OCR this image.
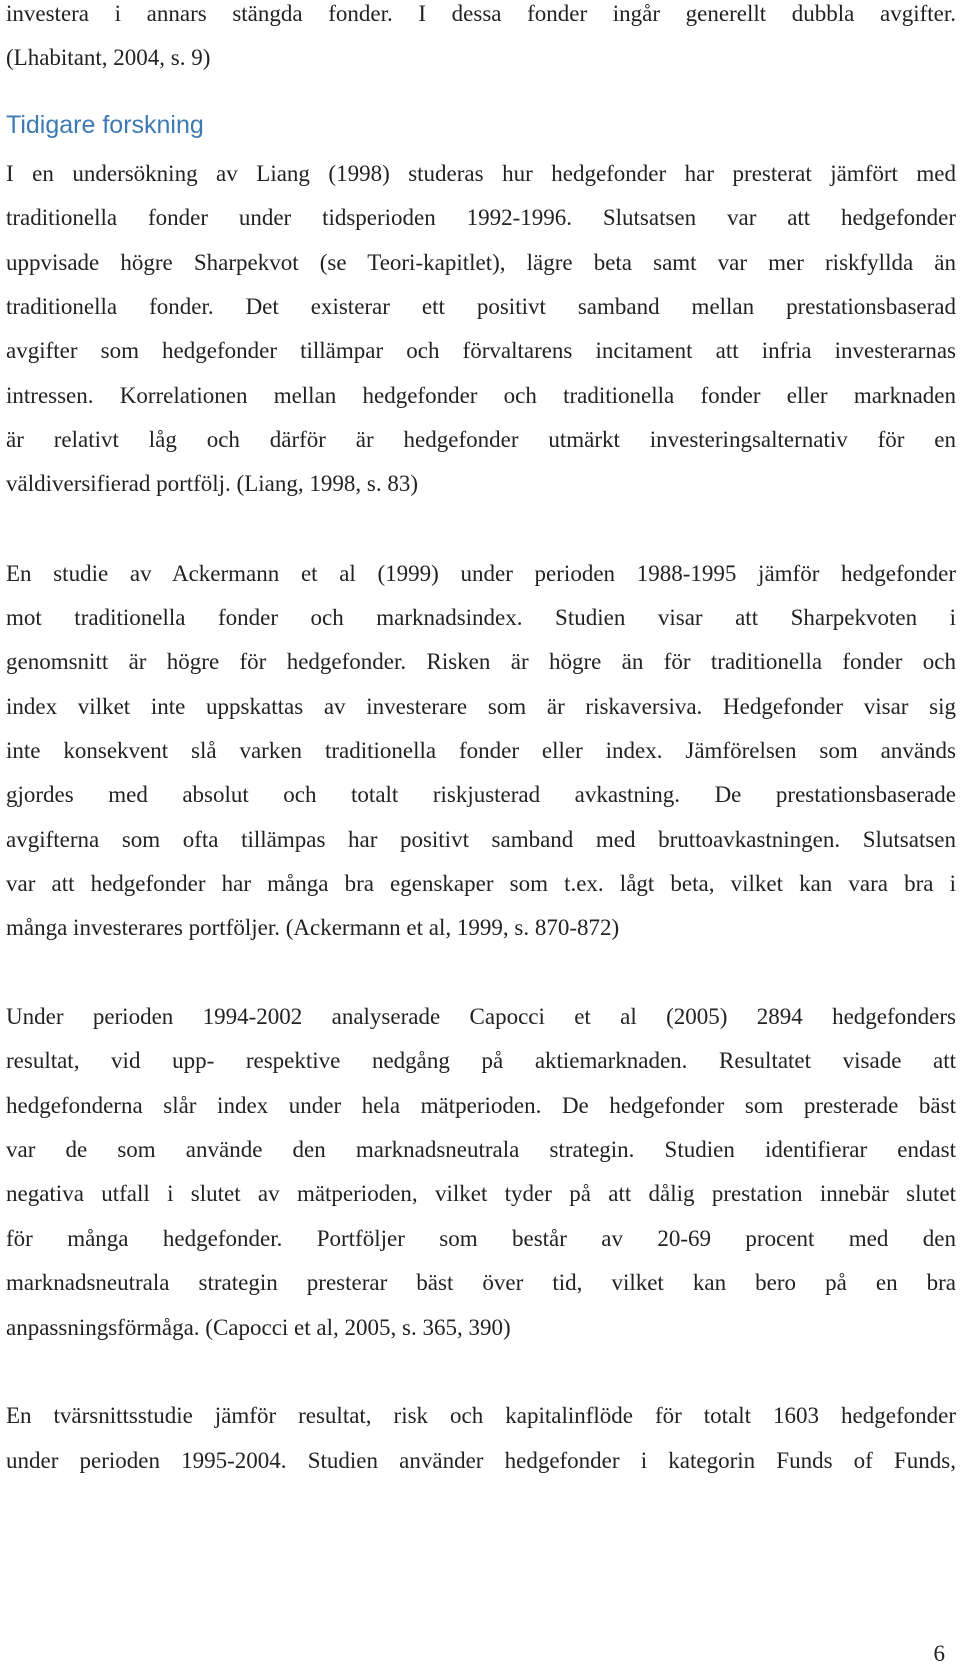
investera i annars stängda fonder. I dessa fonder ingår generellt dubbla avgifter.
(Lhabitant, 2004, s. 9)
Tidigare forskning
I en undersökning av Liang (1998) studeras hur hedgefonder har presterat jämfört med
traditionella fonder under tidsperioden 1992-1996. Slutsatsen var att hedgefonder
uppvisade högre Sharpekvot (se Teori-kapitlet), lägre beta samt var mer riskfyllda än
traditionella fonder. Det existerar ett positivt samband mellan prestationsbaserad
avgifter som hedgefonder tillämpar och förvaltarens incitament att infria investerarnas
intressen. Korrelationen mellan hedgefonder och traditionella fonder eller marknaden
är relativt låg och därför är hedgefonder utmärkt investeringsalternativ för en
väldiversifierad portfölj. (Liang, 1998, s. 83)
En studie av Ackermann et al (1999) under perioden 1988-1995 jämför hedgefonder
mot traditionella fonder och marknadsindex. Studien visar att Sharpekvoten i
genomsnitt är högre för hedgefonder. Risken är högre än för traditionella fonder och
index vilket inte uppskattas av investerare som är riskaversiva. Hedgefonder visar sig
inte konsekvent slå varken traditionella fonder eller index. Jämförelsen som används
gjordes med absolut och totalt riskjusterad avkastning. De prestationsbaserade
avgifterna som ofta tillämpas har positivt samband med bruttoavkastningen. Slutsatsen
var att hedgefonder har många bra egenskaper som t.ex. lågt beta, vilket kan vara bra i
många investerares portföljer. (Ackermann et al, 1999, s. 870-872)
Under perioden 1994-2002 analyserade Capocci et al (2005) 2894 hedgefonders
resultat, vid upp- respektive nedgång på aktiemarknaden. Resultatet visade att
hedgefonderna slår index under hela mätperioden. De hedgefonder som presterade bäst
var de som använde den marknadsneutrala strategin. Studien identifierar endast
negativa utfall i slutet av mätperioden, vilket tyder på att dålig prestation innebär slutet
för många hedgefonder. Portföljer som består av 20-69 procent med den
marknadsneutrala strategin presterar bäst över tid, vilket kan bero på en bra
anpassningsförmåga. (Capocci et al, 2005, s. 365, 390)
En tvärsnittsstudie jämför resultat, risk och kapitalinflöde för totalt 1603 hedgefonder
under perioden 1995-2004. Studien använder hedgefonder i kategorin Funds of Funds,
6
